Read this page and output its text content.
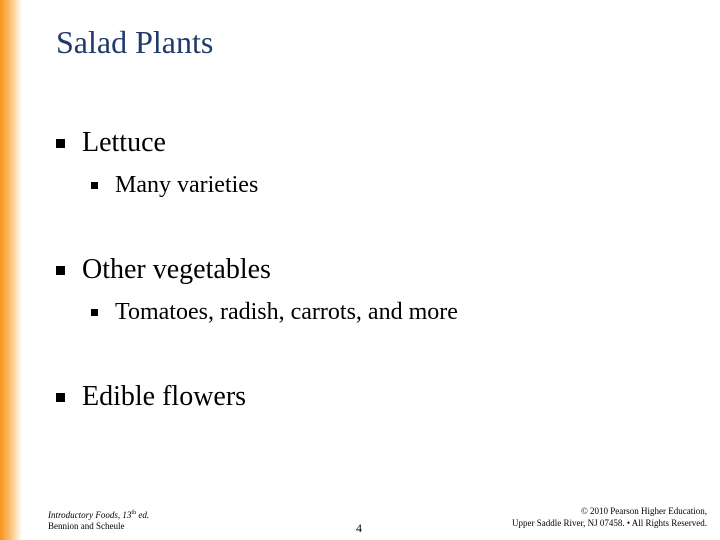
Salad Plants
Lettuce
Many varieties
Other vegetables
Tomatoes, radish, carrots, and more
Edible flowers
Introductory Foods, 13th ed.
Bennion and Scheule	4
© 2010 Pearson Higher Education,
Upper Saddle River, NJ 07458. • All Rights Reserved.
